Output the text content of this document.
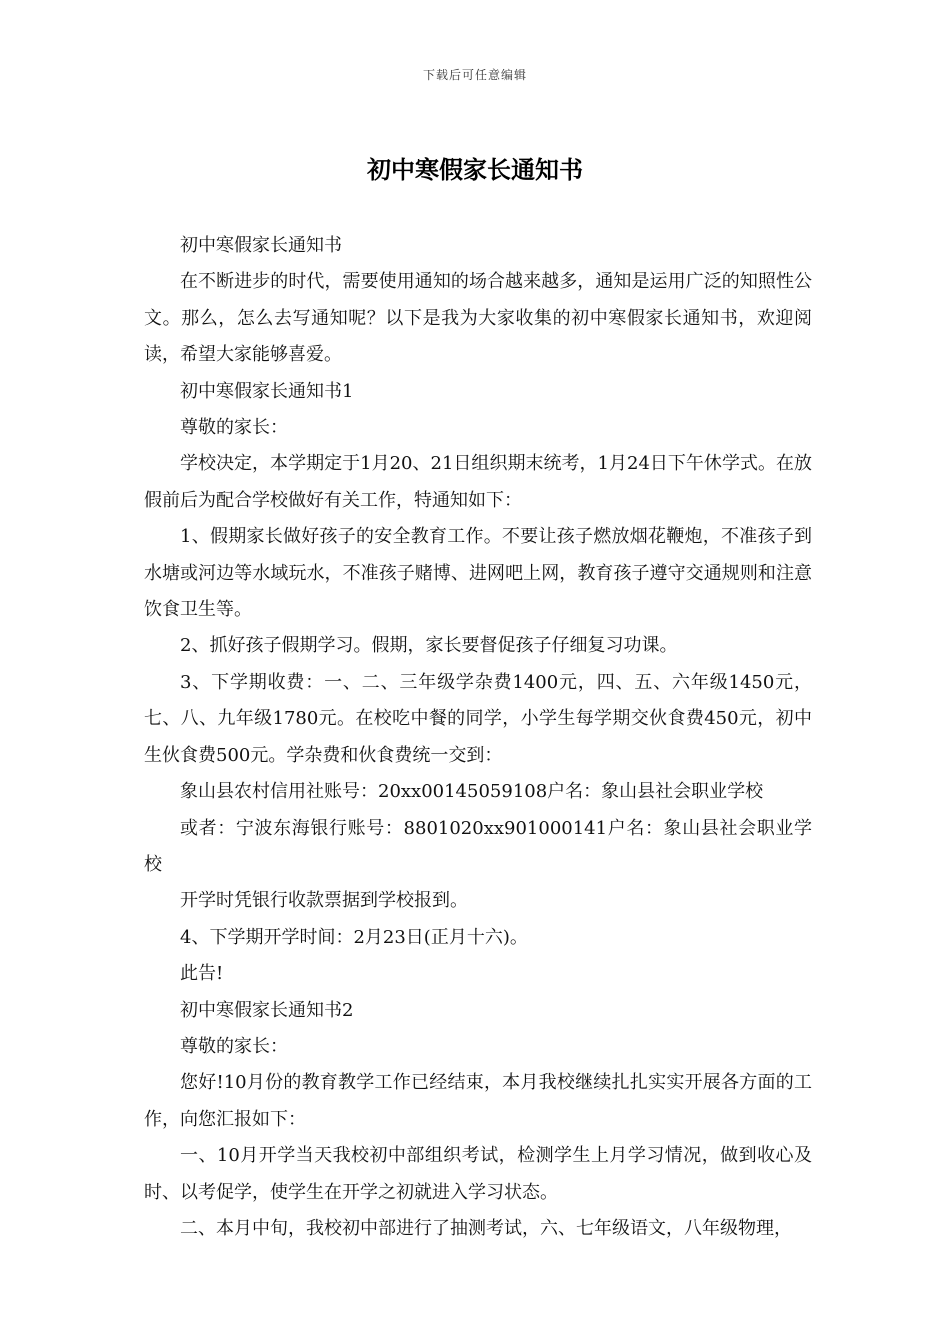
下载后可任意编辑
初中寒假家长通知书

初中寒假家长通知书

在不断进步的时代，需要使用通知的场合越来越多，通知是运用广泛的知照性公文。那么，怎么去写通知呢？以下是我为大家收集的初中寒假家长通知书，欢迎阅读，希望大家能够喜爱。

初中寒假家长通知书1

尊敬的家长：

学校决定，本学期定于1月20、21日组织期末统考，1月24日下午休学式。在放假前后为配合学校做好有关工作，特通知如下：

1、假期家长做好孩子的安全教育工作。不要让孩子燃放烟花鞭炮，不准孩子到水塘或河边等水域玩水，不准孩子赌博、进网吧上网，教育孩子遵守交通规则和注意饮食卫生等。

2、抓好孩子假期学习。假期，家长要督促孩子仔细复习功课。

3、下学期收费：一、二、三年级学杂费1400元，四、五、六年级1450元，七、八、九年级1780元。在校吃中餐的同学，小学生每学期交伙食费450元，初中生伙食费500元。学杂费和伙食费统一交到：

象山县农村信用社账号：20xx00145059108户名：象山县社会职业学校

或者：宁波东海银行账号：8801020xx901000141户名：象山县社会职业学校

开学时凭银行收款票据到学校报到。

4、下学期开学时间：2月23日(正月十六)。

此告!

初中寒假家长通知书2

尊敬的家长：

您好!10月份的教育教学工作已经结束，本月我校继续扎扎实实开展各方面的工作，向您汇报如下：

一、10月开学当天我校初中部组织考试，检测学生上月学习情况，做到收心及时、以考促学，使学生在开学之初就进入学习状态。

二、本月中旬，我校初中部进行了抽测考试，六、七年级语文，八年级物理，
